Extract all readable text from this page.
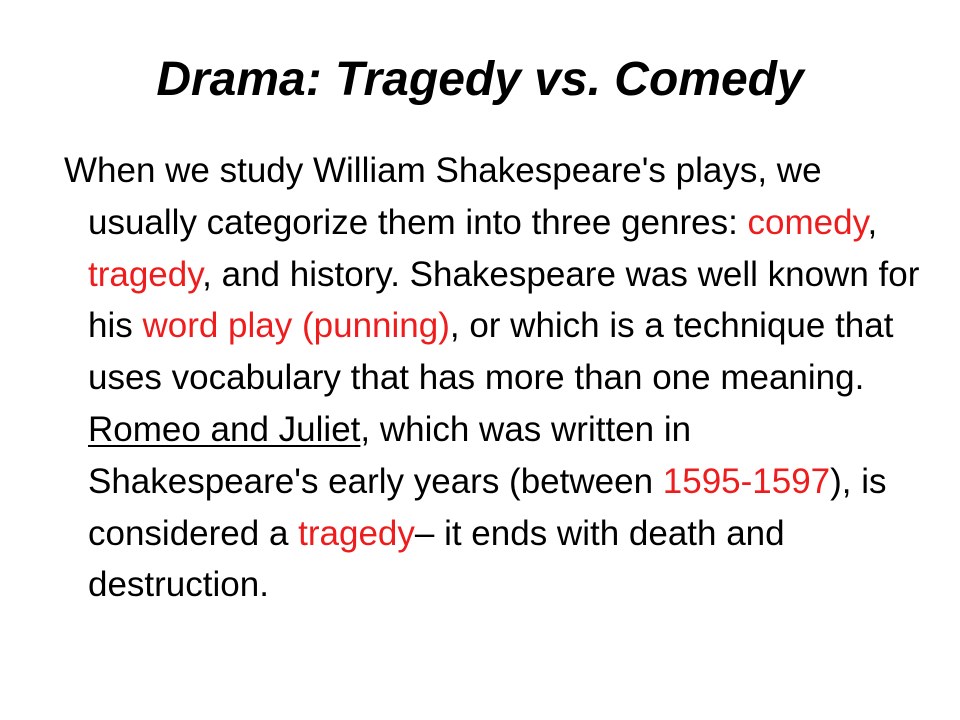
Drama: Tragedy vs. Comedy

When we study William Shakespeare's plays, we usually categorize them into three genres: comedy, tragedy, and history. Shakespeare was well known for his word play (punning), or which is a technique that uses vocabulary that has more than one meaning. Romeo and Juliet, which was written in Shakespeare's early years (between 1595-1597), is considered a tragedy– it ends with death and destruction.
